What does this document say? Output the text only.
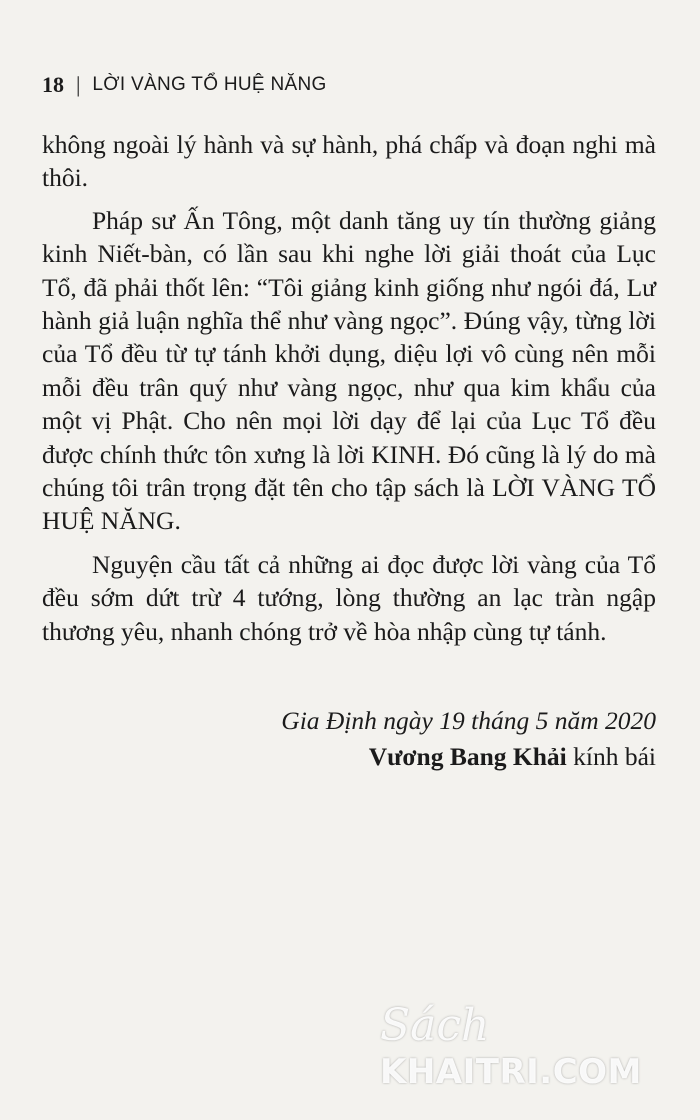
18 | LỜI VÀNG TỔ HUỆ NĂNG

không ngoài lý hành và sự hành, phá chấp và đoạn nghi mà thôi.

Pháp sư Ấn Tông, một danh tăng uy tín thường giảng kinh Niết-bàn, có lần sau khi nghe lời giải thoát của Lục Tổ, đã phải thốt lên: “Tôi giảng kinh giống như ngói đá, Lư hành giả luận nghĩa thể như vàng ngọc”. Đúng vậy, từng lời của Tổ đều từ tự tánh khởi dụng, diệu lợi vô cùng nên mỗi mỗi đều trân quý như vàng ngọc, như qua kim khẩu của một vị Phật. Cho nên mọi lời dạy để lại của Lục Tổ đều được chính thức tôn xưng là lời KINH. Đó cũng là lý do mà chúng tôi trân trọng đặt tên cho tập sách là LỜI VÀNG TỔ HUỆ NĂNG.

Nguyện cầu tất cả những ai đọc được lời vàng của Tổ đều sớm dứt trừ 4 tướng, lòng thường an lạc tràn ngập thương yêu, nhanh chóng trở về hòa nhập cùng tự tánh.

Gia Định ngày 19 tháng 5 năm 2020
Vương Bang Khải kính bái
Sách
KHAITRI.COM
